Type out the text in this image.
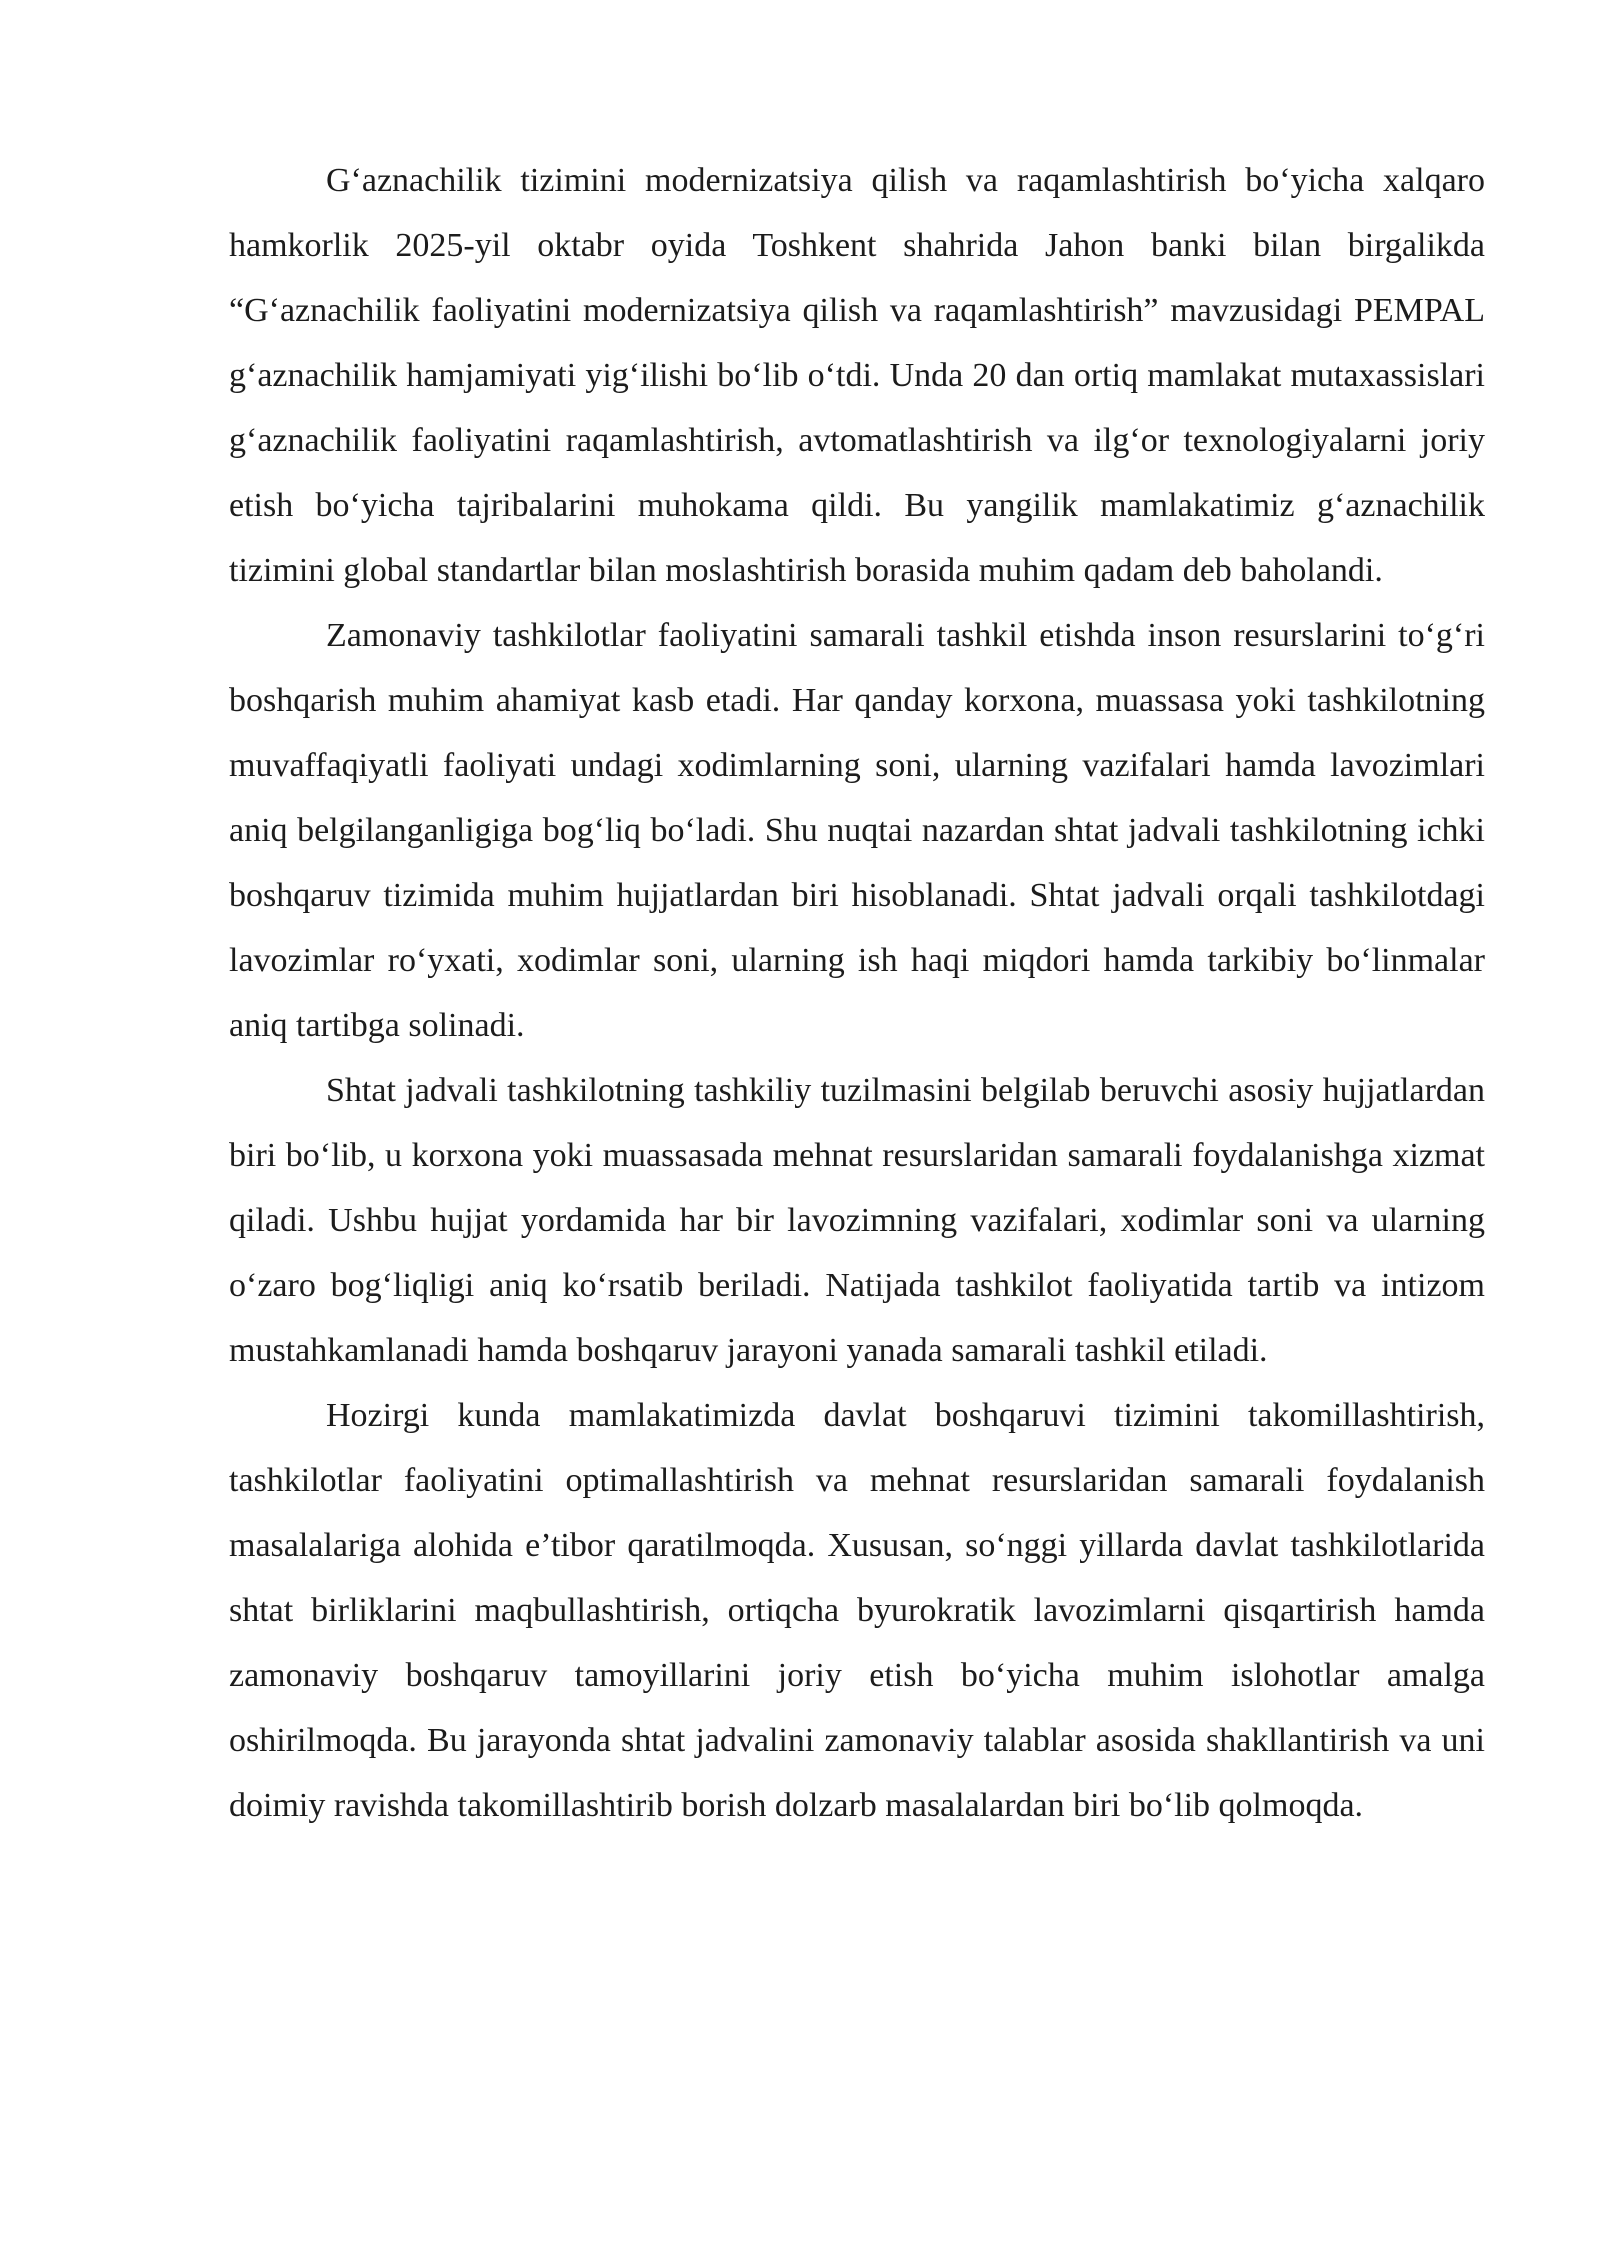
G‘aznachilik tizimini modernizatsiya qilish va raqamlashtirish bo‘yicha xalqaro hamkorlik 2025-yil oktabr oyida Toshkent shahrida Jahon banki bilan birgalikda “G‘aznachilik faoliyatini modernizatsiya qilish va raqamlashtirish” mavzusidagi PEMPAL g‘aznachilik hamjamiyati yig‘ilishi bo‘lib o‘tdi. Unda 20 dan ortiq mamlakat mutaxassislari g‘aznachilik faoliyatini raqamlashtirish, avtomatlashtirish va ilg‘or texnologiyalarni joriy etish bo‘yicha tajribalarini muhokama qildi. Bu yangilik mamlakatimiz g‘aznachilik tizimini global standartlar bilan moslashtirish borasida muhim qadam deb baholandi.

Zamonaviy tashkilotlar faoliyatini samarali tashkil etishda inson resurslarini to‘g‘ri boshqarish muhim ahamiyat kasb etadi. Har qanday korxona, muassasa yoki tashkilotning muvaffaqiyatli faoliyati undagi xodimlarning soni, ularning vazifalari hamda lavozimlari aniq belgilanganligiga bog‘liq bo‘ladi. Shu nuqtai nazardan shtat jadvali tashkilotning ichki boshqaruv tizimida muhim hujjatlardan biri hisoblanadi. Shtat jadvali orqali tashkilotdagi lavozimlar ro‘yxati, xodimlar soni, ularning ish haqi miqdori hamda tarkibiy bo‘linmalar aniq tartibga solinadi.

Shtat jadvali tashkilotning tashkiliy tuzilmasini belgilab beruvchi asosiy hujjatlardan biri bo‘lib, u korxona yoki muassasada mehnat resurslaridan samarali foydalanishga xizmat qiladi. Ushbu hujjat yordamida har bir lavozimning vazifalari, xodimlar soni va ularning o‘zaro bog‘liqligi aniq ko‘rsatib beriladi. Natijada tashkilot faoliyatida tartib va intizom mustahkamlanadi hamda boshqaruv jarayoni yanada samarali tashkil etiladi.

Hozirgi kunda mamlakatimizda davlat boshqaruvi tizimini takomillashtirish, tashkilotlar faoliyatini optimallashtirish va mehnat resurslaridan samarali foydalanish masalalariga alohida e’tibor qaratilmoqda. Xususan, so‘nggi yillarda davlat tashkilotlarida shtat birliklarini maqbullashtirish, ortiqcha byurokratik lavozimlarni qisqartirish hamda zamonaviy boshqaruv tamoyillarini joriy etish bo‘yicha muhim islohotlar amalga oshirilmoqda. Bu jarayonda shtat jadvalini zamonaviy talablar asosida shakllantirish va uni doimiy ravishda takomillashtirib borish dolzarb masalalardan biri bo‘lib qolmoqda.
